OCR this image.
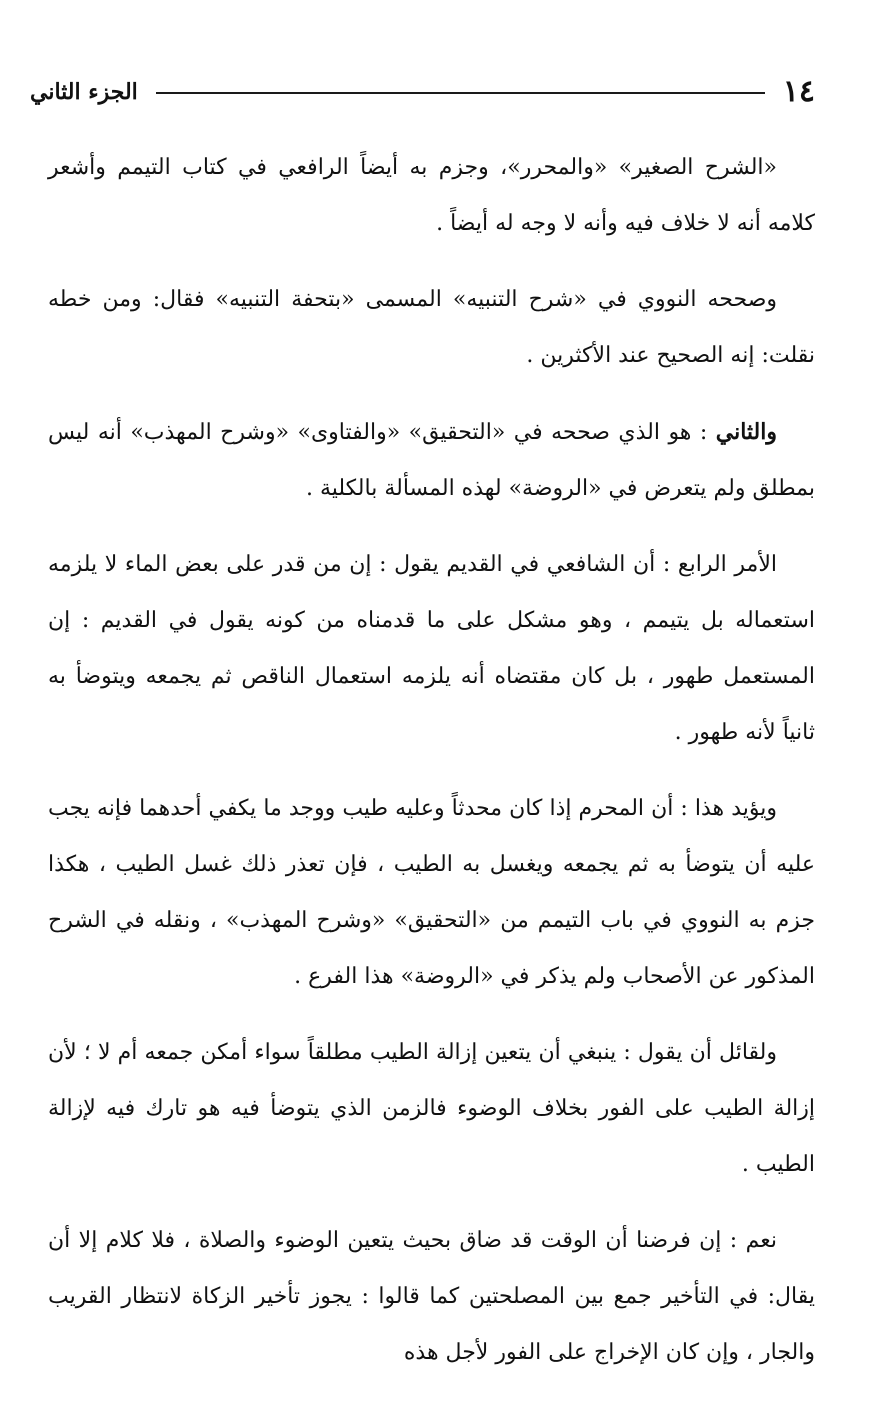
١٤
الجزء الثاني

«الشرح الصغير» «والمحرر»، وجزم به أيضاً الرافعي في كتاب التيمم وأشعر كلامه أنه لا خلاف فيه وأنه لا وجه له أيضاً .

وصححه النووي في «شرح التنبيه» المسمى «بتحفة التنبيه» فقال: ومن خطه نقلت: إنه الصحيح عند الأكثرين .

والثاني : هو الذي صححه في «التحقيق» «والفتاوى» «وشرح المهذب» أنه ليس بمطلق ولم يتعرض في «الروضة» لهذه المسألة بالكلية .

الأمر الرابع : أن الشافعي في القديم يقول : إن من قدر على بعض الماء لا يلزمه استعماله بل يتيمم ، وهو مشكل على ما قدمناه من كونه يقول في القديم : إن المستعمل طهور ، بل كان مقتضاه أنه يلزمه استعمال الناقص ثم يجمعه ويتوضأ به ثانياً لأنه طهور .

ويؤيد هذا : أن المحرم إذا كان محدثاً وعليه طيب ووجد ما يكفي أحدهما فإنه يجب عليه أن يتوضأ به ثم يجمعه ويغسل به الطيب ، فإن تعذر ذلك غسل الطيب ، هكذا جزم به النووي في باب التيمم من «التحقيق» «وشرح المهذب» ، ونقله في الشرح المذكور عن الأصحاب ولم يذكر في «الروضة» هذا الفرع .

ولقائل أن يقول : ينبغي أن يتعين إزالة الطيب مطلقاً سواء أمكن جمعه أم لا ؛ لأن إزالة الطيب على الفور بخلاف الوضوء فالزمن الذي يتوضأ فيه هو تارك فيه لإزالة الطيب .

نعم : إن فرضنا أن الوقت قد ضاق بحيث يتعين الوضوء والصلاة ، فلا كلام إلا أن يقال: في التأخير جمع بين المصلحتين كما قالوا : يجوز تأخير الزكاة لانتظار القريب والجار ، وإن كان الإخراج على الفور لأجل هذه
